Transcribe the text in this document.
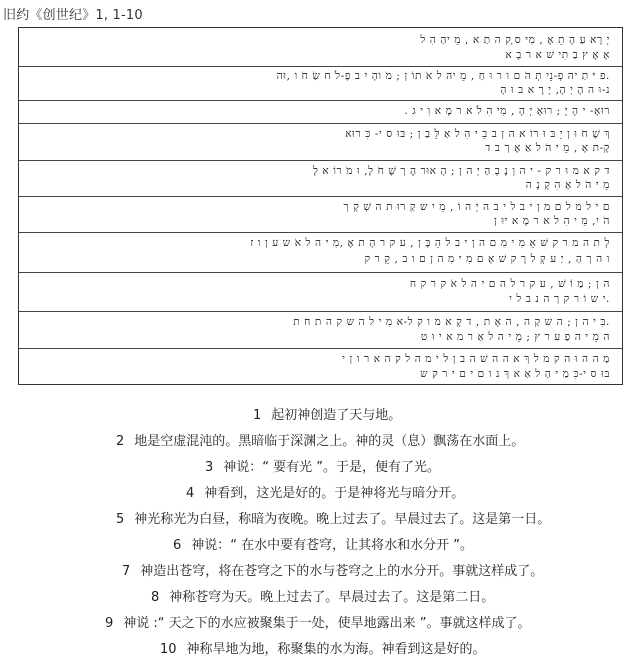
旧约《创世纪》1, 1-10
יְ רָא עַ הָ תֵ אָ , מִי ס ָק ה תַ א , מֵ יהַ הִ ל
אָ אֶ ץ בַ תִי שׁ א ר בָ א
.פ יּ תַ יה פְ-נֵי תְ הֹ ם ו ר וּ חַ , מֵ יה ל אֹ תוֹ ן ; מֹ והָ יִ ב פָ-לֹ ח שַׂ חֹ ו ,וּה
נ-וּ ה הָ יְ הָ, יָ רָ א ב וּ הָ
רוּאָ- י הָ יָ ; רוּאָ יְ הָ , מִי הִ לֹ א ר מָ א וִ י ג .
ךְ שֶׁ חֹ וּ ן יֵ בּ וּ רוֹ א ה ן ב בֵ י הִ ל אַ לֵּ בַ ן ; בּוּ ס י- כִּ רוּא
קָ-ת אָ , מֵ י הֹ ל אַ אֶ ך ב ד
ד ק א מ וּ ר ק - י ה וְ נָ בְ הַ יְ ה ן ; הָ אוּר הֶ ך שֶׁ חֹ לָ, וּ מֹ רוֹ א לָ
מֵ י הֹ ל אַ הִ קְ נָ ה
ם י ל מ ל ם מ ן י ב ל י ב ה יְ ה וֹ , מֵ יִ ש קַ רוּ ת ה שְׁ קְ ך
הֹ יִ, מֵ י הִ ל א ר מָ א יוּ ן
לְ ת ה מ ר ק שׁ אֵ מִ י מִ ם ה ן י ב ל הֵ בָּ ן , ע ק ר הָ ת אֶ ,מִ י ה ל אֹ ש ע ן ו ז
ו ה ך הַ , יַ ע קְ ל רָ ק שׁ אָ ם מִ י מִ ה ן ם ו ב , קֵ ר ק
ה ן ; מַ וֹ שׁ , ע ק ר ל ה ם י ה ל אֹ ק ר ק ח
.י ש וֹ ר ק ך ה נ ב ל יִ
.בִּ י ה ן ; ה ש קַ ה , ה אָ ת , ד קְ א מ ו ק ל-א מִ י ל ה ש ק ה ת ח ת
ה מֵ י ה פַ ע ר ץ ; מֵ י ה ל אַ ר מ א י וּ ט
מַ ה ה וּ ה ק מ ל ךְ א ה ה שׁ ה ב ן ל י מ ה ל ק ה א ר ו ן י
בּוּ ס י-כִּ מַ י הַ ל אַ א ךְ נ ו ם י ם י ר ק ש
1 起初神创造了天与地。
2 地是空虚混沌的。黑暗临于深渊之上。神的灵（息）飘荡在水面上。
3 神说：“ 要有光 ”。于是，便有了光。
4 神看到，这光是好的。于是神将光与暗分开。
5 神光称光为白昼，称暗为夜晚。晚上过去了。早晨过去了。这是第一日。
6 神说：“ 在水中要有苍穹，让其将水和水分开 ”。
7 神造出苍穹，将在苍穹之下的水与苍穹之上的水分开。事就这样成了。
8 神称苍穹为天。晚上过去了。早晨过去了。这是第二日。
9 神说 :“ 天之下的水应被聚集于一处，使旱地露出来 ”。事就这样成了。
10 神称旱地为地，称聚集的水为海。神看到这是好的。
